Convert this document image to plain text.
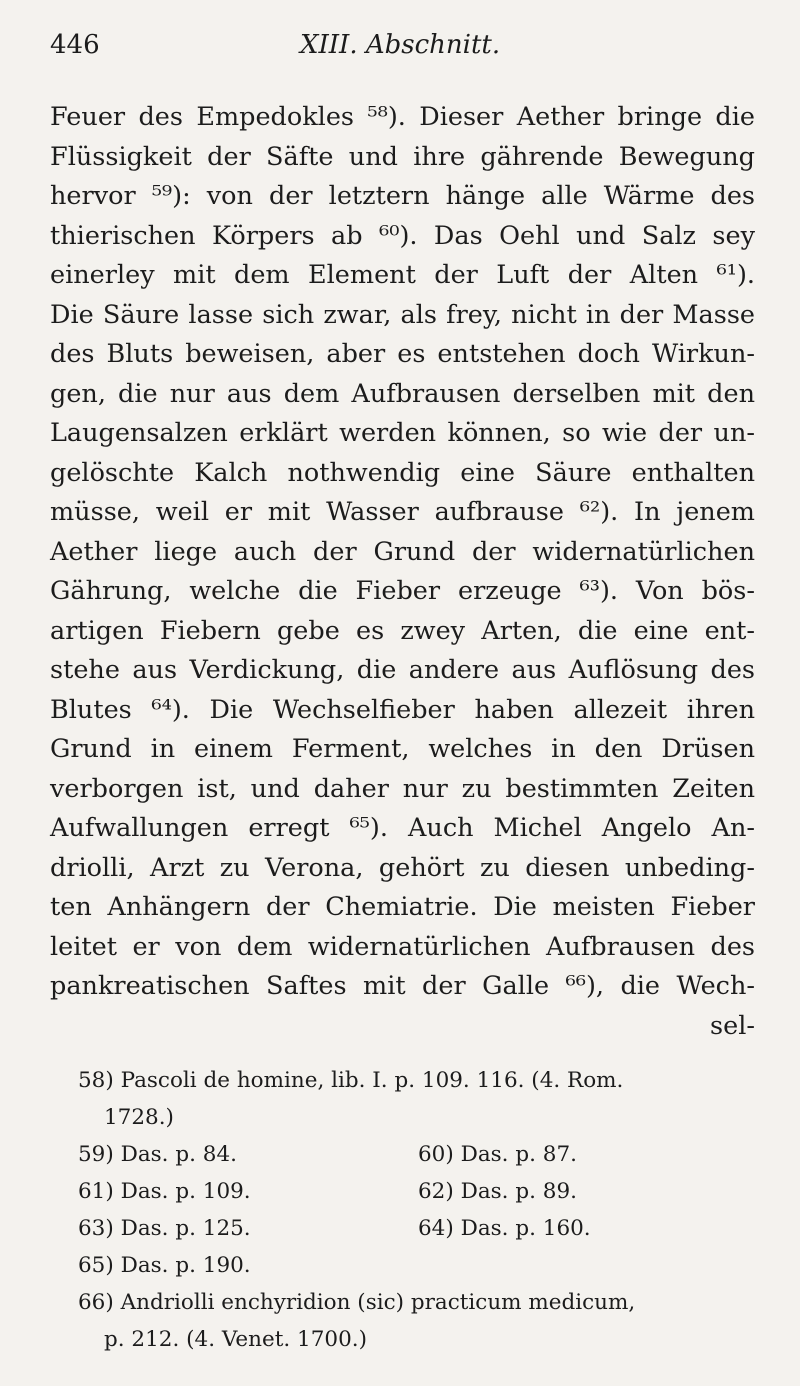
446	XIII. Abschnitt.
Feuer des Empedokles ⁵⁸). Dieser Aether bringe die
Flüssigkeit der Säfte und ihre gährende Bewegung
hervor ⁵⁹): von der letztern hänge alle Wärme des
thierischen Körpers ab ⁶⁰). Das Oehl und Salz sey
einerley mit dem Element der Luft der Alten ⁶¹).
Die Säure lasse sich zwar, als frey, nicht in der Masse
des Bluts beweisen, aber es entstehen doch Wirkun-
gen, die nur aus dem Aufbrausen derselben mit den
Laugensalzen erklärt werden können, so wie der un-
gelöschte Kalch nothwendig eine Säure enthalten
müsse, weil er mit Wasser aufbrause ⁶²). In jenem
Aether liege auch der Grund der widernatürlichen
Gährung, welche die Fieber erzeuge ⁶³). Von bös-
artigen Fiebern gebe es zwey Arten, die eine ent-
stehe aus Verdickung, die andere aus Auflösung des
Blutes ⁶⁴). Die Wechselfieber haben allezeit ihren
Grund in einem Ferment, welches in den Drüsen
verborgen ist, und daher nur zu bestimmten Zeiten
Aufwallungen erregt ⁶⁵). Auch Michel Angelo An-
driolli, Arzt zu Verona, gehört zu diesen unbeding-
ten Anhängern der Chemiatrie. Die meisten Fieber
leitet er von dem widernatürlichen Aufbrausen des
pankreatischen Saftes mit der Galle ⁶⁶), die Wech-
sel-
58) Pascoli de homine, lib. I. p. 109. 116. (4. Rom.
1728.)
59) Das. p. 84.	60) Das. p. 87.
61) Das. p. 109.	62) Das. p. 89.
63) Das. p. 125.	64) Das. p. 160.
65) Das. p. 190.
66) Andriolli enchyridion (sic) practicum medicum,
p. 212. (4. Venet. 1700.)
